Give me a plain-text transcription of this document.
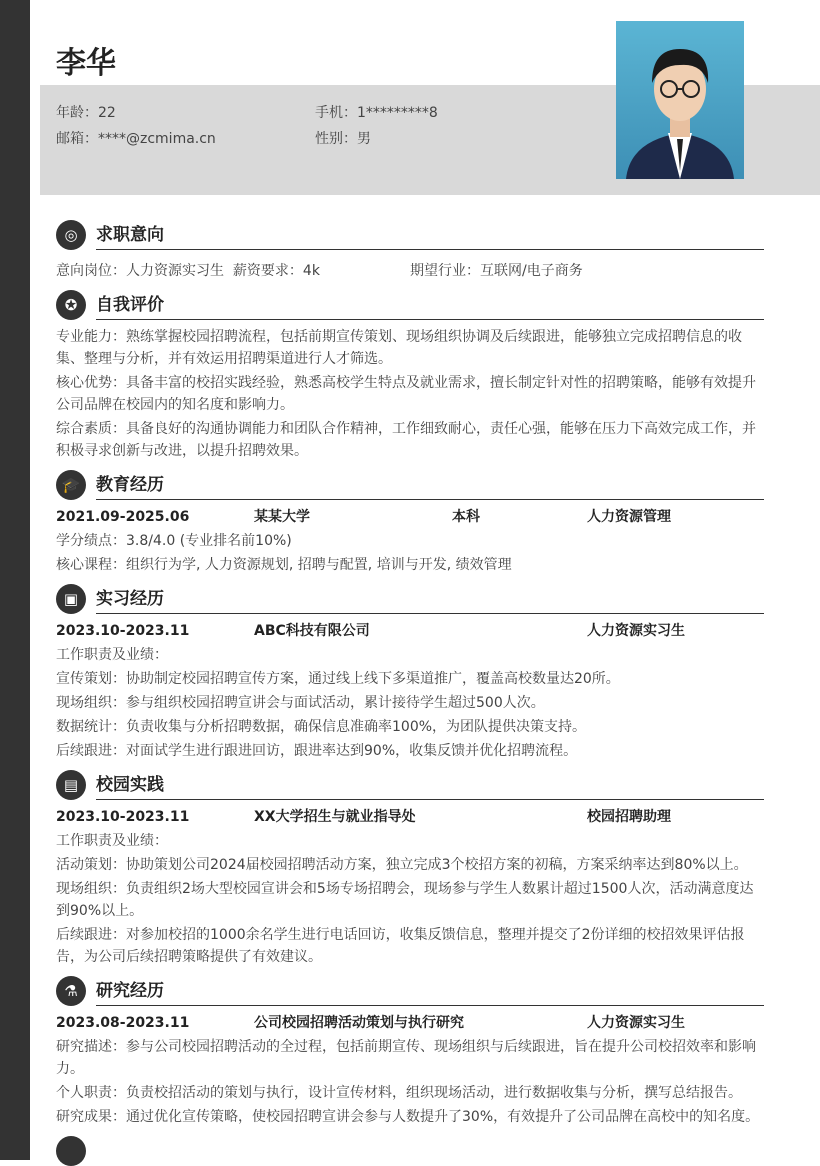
李华
年龄：22	手机：1*********8
邮箱：****@zcmima.cn	性别：男
◎	求职意向
意向岗位：人力资源实习生 薪资要求：4k	期望行业：互联网/电子商务
✪	自我评价
专业能力：熟练掌握校园招聘流程，包括前期宣传策划、现场组织协调及后续跟进，能够独立完成招聘信息的收集、整理与分析，并有效运用招聘渠道进行人才筛选。
核心优势：具备丰富的校招实践经验，熟悉高校学生特点及就业需求，擅长制定针对性的招聘策略，能够有效提升公司品牌在校园内的知名度和影响力。
综合素质：具备良好的沟通协调能力和团队合作精神，工作细致耐心，责任心强，能够在压力下高效完成工作，并积极寻求创新与改进，以提升招聘效果。
🎓 教育经历
2021.09-2025.06	某某大学	本科	人力资源管理
学分绩点：3.8/4.0 (专业排名前10%)
核心课程：组织行为学, 人力资源规划, 招聘与配置, 培训与开发, 绩效管理
▣	实习经历
2023.10-2023.11	ABC科技有限公司	人力资源实习生
工作职责及业绩：
宣传策划：协助制定校园招聘宣传方案，通过线上线下多渠道推广，覆盖高校数量达20所。
现场组织：参与组织校园招聘宣讲会与面试活动，累计接待学生超过500人次。
数据统计：负责收集与分析招聘数据，确保信息准确率100%，为团队提供决策支持。
后续跟进：对面试学生进行跟进回访，跟进率达到90%，收集反馈并优化招聘流程。
▤	校园实践
2023.10-2023.11	XX大学招生与就业指导处	校园招聘助理
工作职责及业绩：
活动策划：协助策划公司2024届校园招聘活动方案，独立完成3个校招方案的初稿，方案采纳率达到80%以上。
现场组织：负责组织2场大型校园宣讲会和5场专场招聘会，现场参与学生人数累计超过1500人次，活动满意度达到90%以上。
后续跟进：对参加校招的1000余名学生进行电话回访，收集反馈信息，整理并提交了2份详细的校招效果评估报告，为公司后续招聘策略提供了有效建议。
⚗	研究经历
2023.08-2023.11	公司校园招聘活动策划与执行研究	人力资源实习生
研究描述：参与公司校园招聘活动的全过程，包括前期宣传、现场组织与后续跟进，旨在提升公司校招效率和影响力。
个人职责：负责校招活动的策划与执行，设计宣传材料，组织现场活动，进行数据收集与分析，撰写总结报告。
研究成果：通过优化宣传策略，使校园招聘宣讲会参与人数提升了30%，有效提升了公司品牌在高校中的知名度。
